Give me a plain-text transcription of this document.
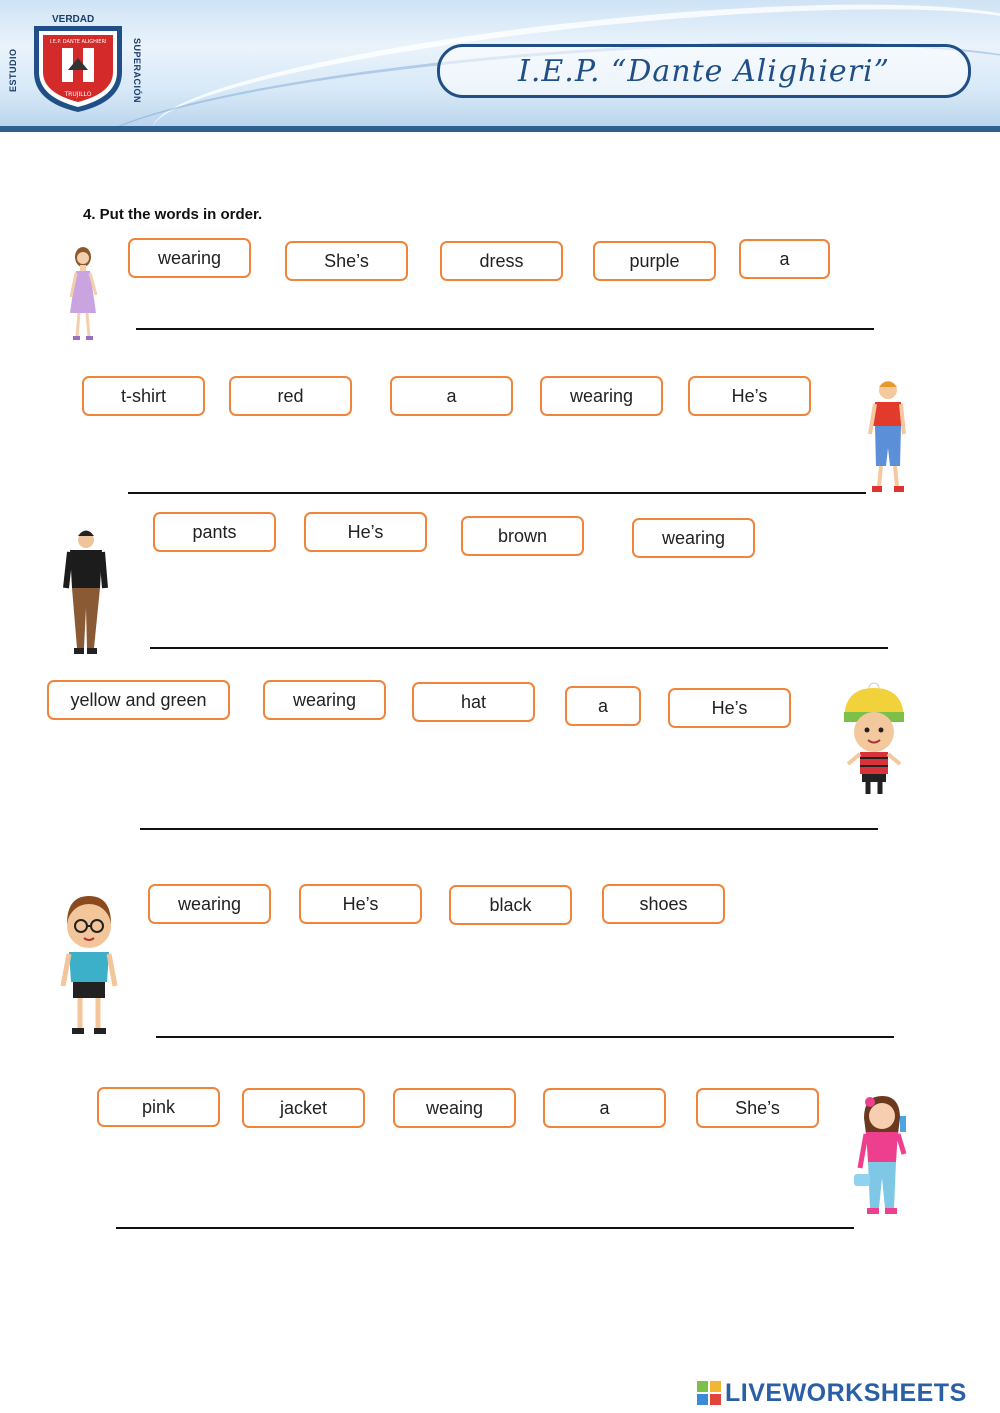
VERDAD
ESTUDIO	SUPERACIÓN
TRUJILLO
I.E.P. DANTE ALIGHIERI
I.E.P. “Dante Alighieri”
4. Put the words in order.
wearing	She’s	dress	purple	a
t-shirt	red	a	wearing	He’s
pants	He’s	brown	wearing
yellow and green	wearing	hat	a	He’s
wearing	He’s	black	shoes
pink	jacket	weaing	a	She’s
LIVEWORKSHEETS
